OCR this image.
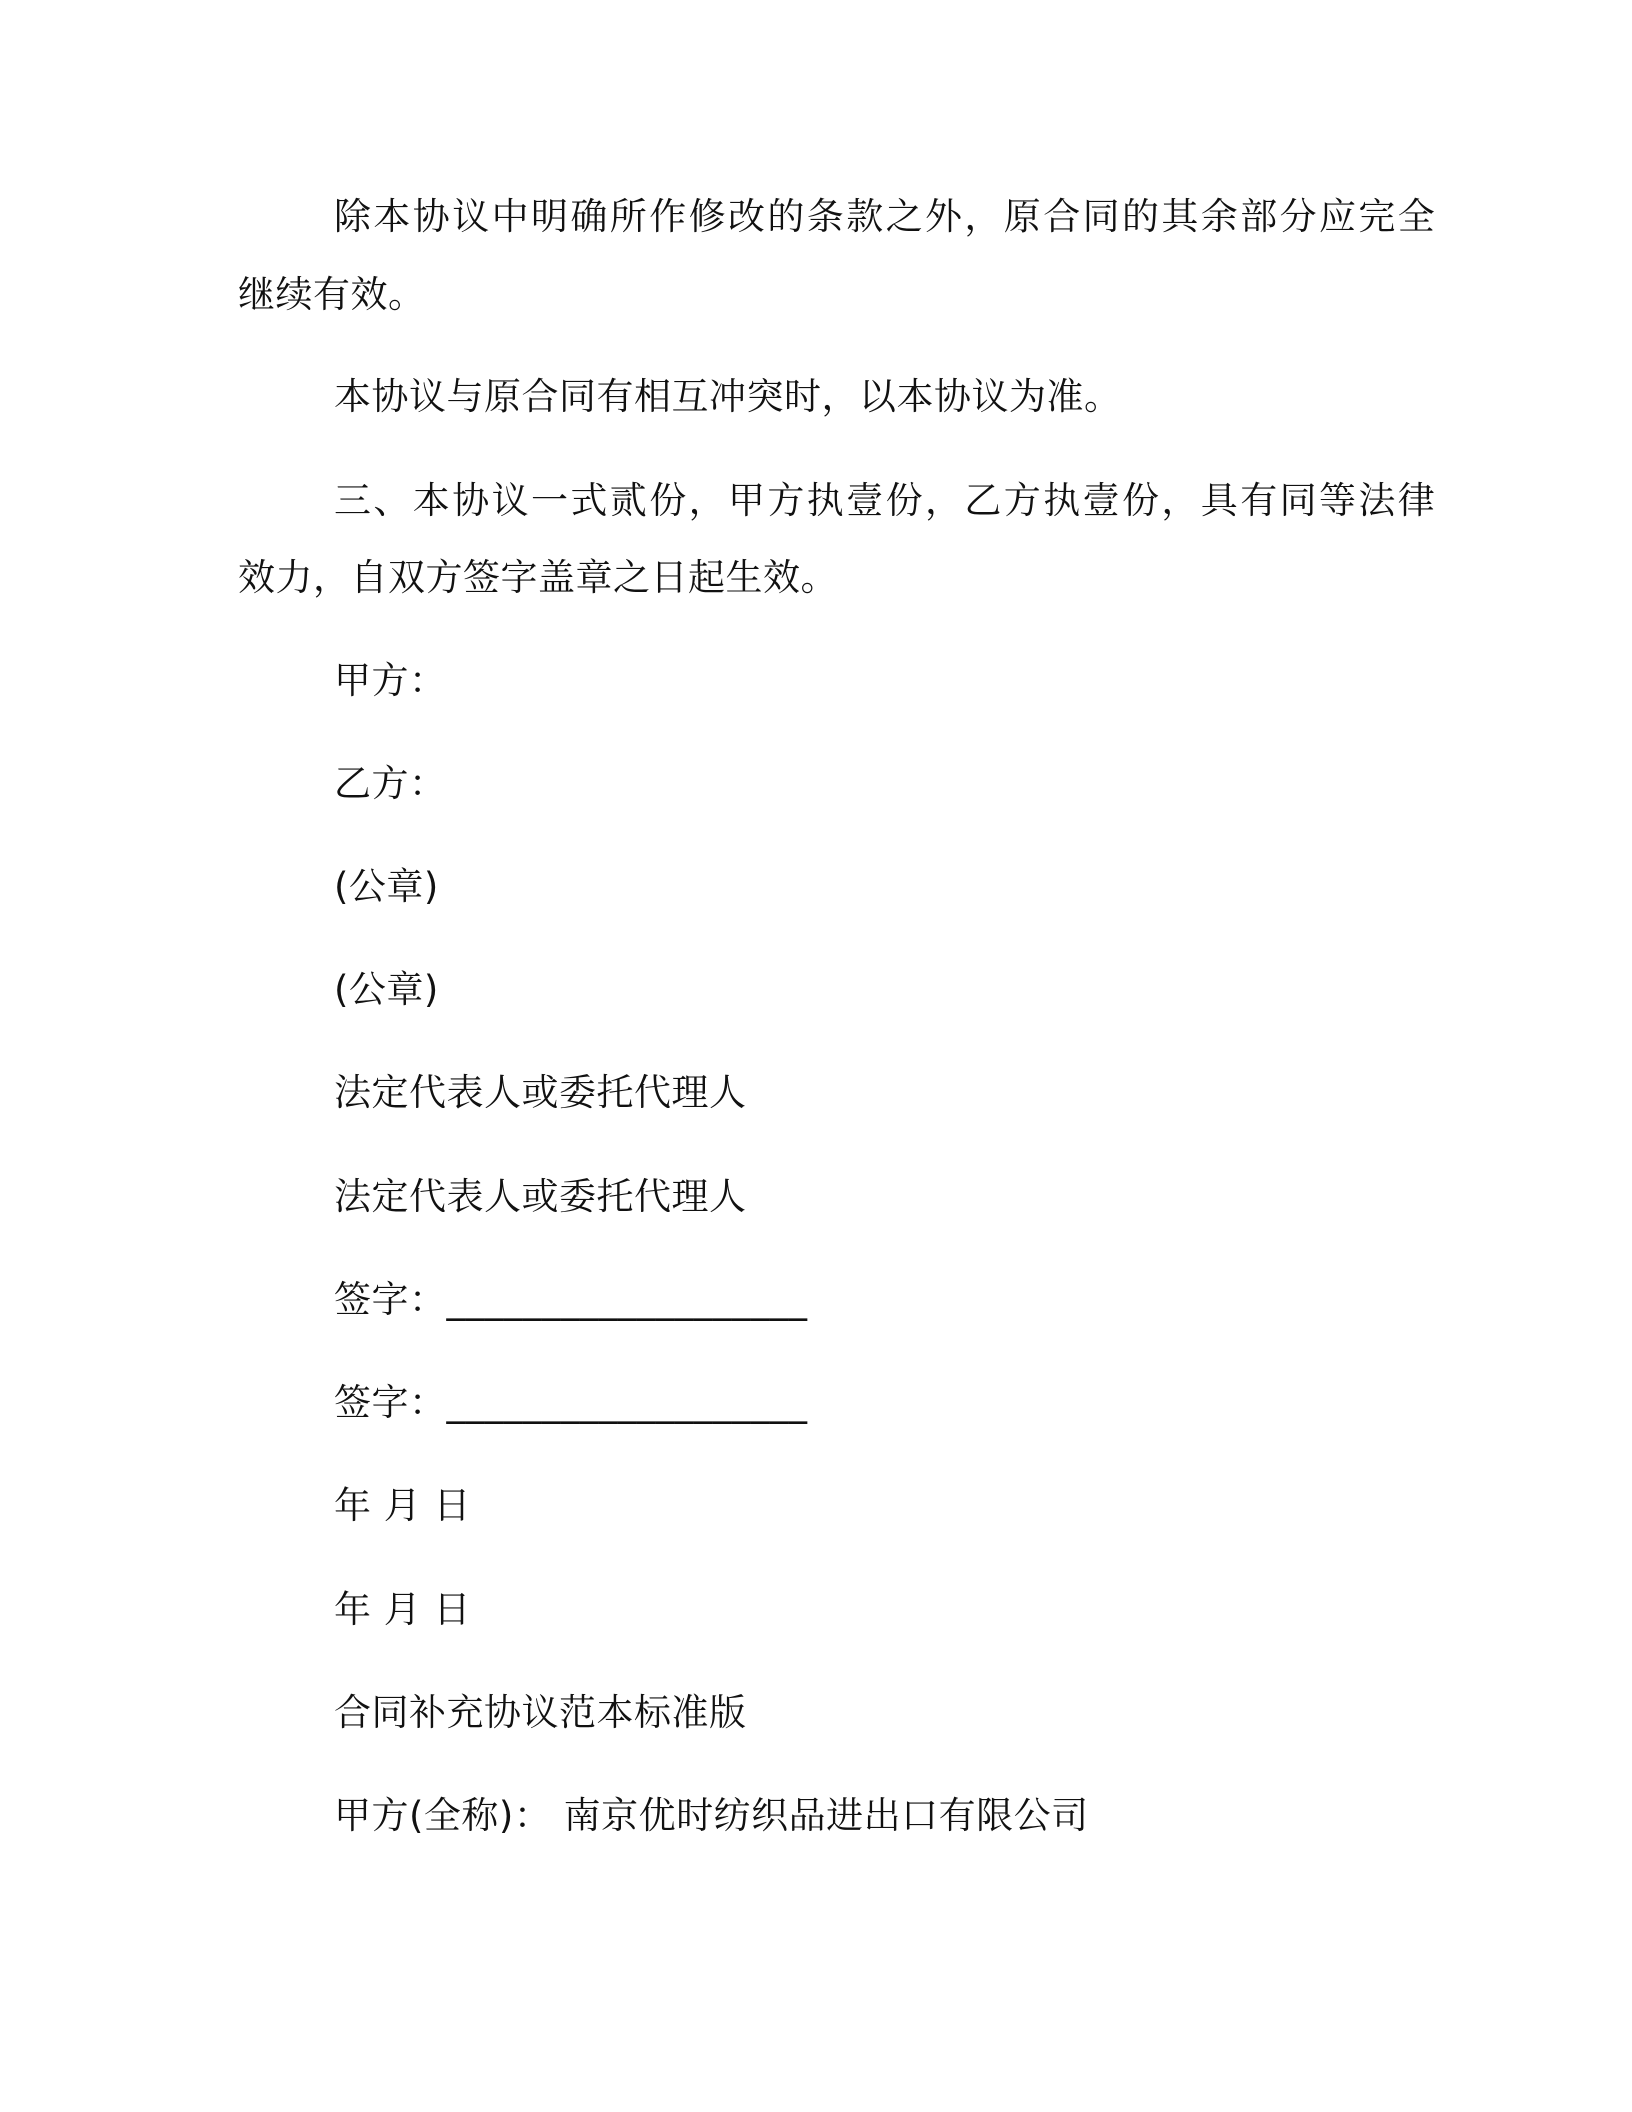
除本协议中明确所作修改的条款之外，原合同的其余部分应完全

继续有效。

本协议与原合同有相互冲突时，以本协议为准。

三、本协议一式贰份，甲方执壹份，乙方执壹份，具有同等法律

效力，自双方签字盖章之日起生效。

甲方：

乙方：

(公章)

(公章)

法定代表人或委托代理人

法定代表人或委托代理人

签字：___________________

签字：___________________

年 月 日

年 月 日

合同补充协议范本标准版

甲方(全称)： 南京优时纺织品进出口有限公司
